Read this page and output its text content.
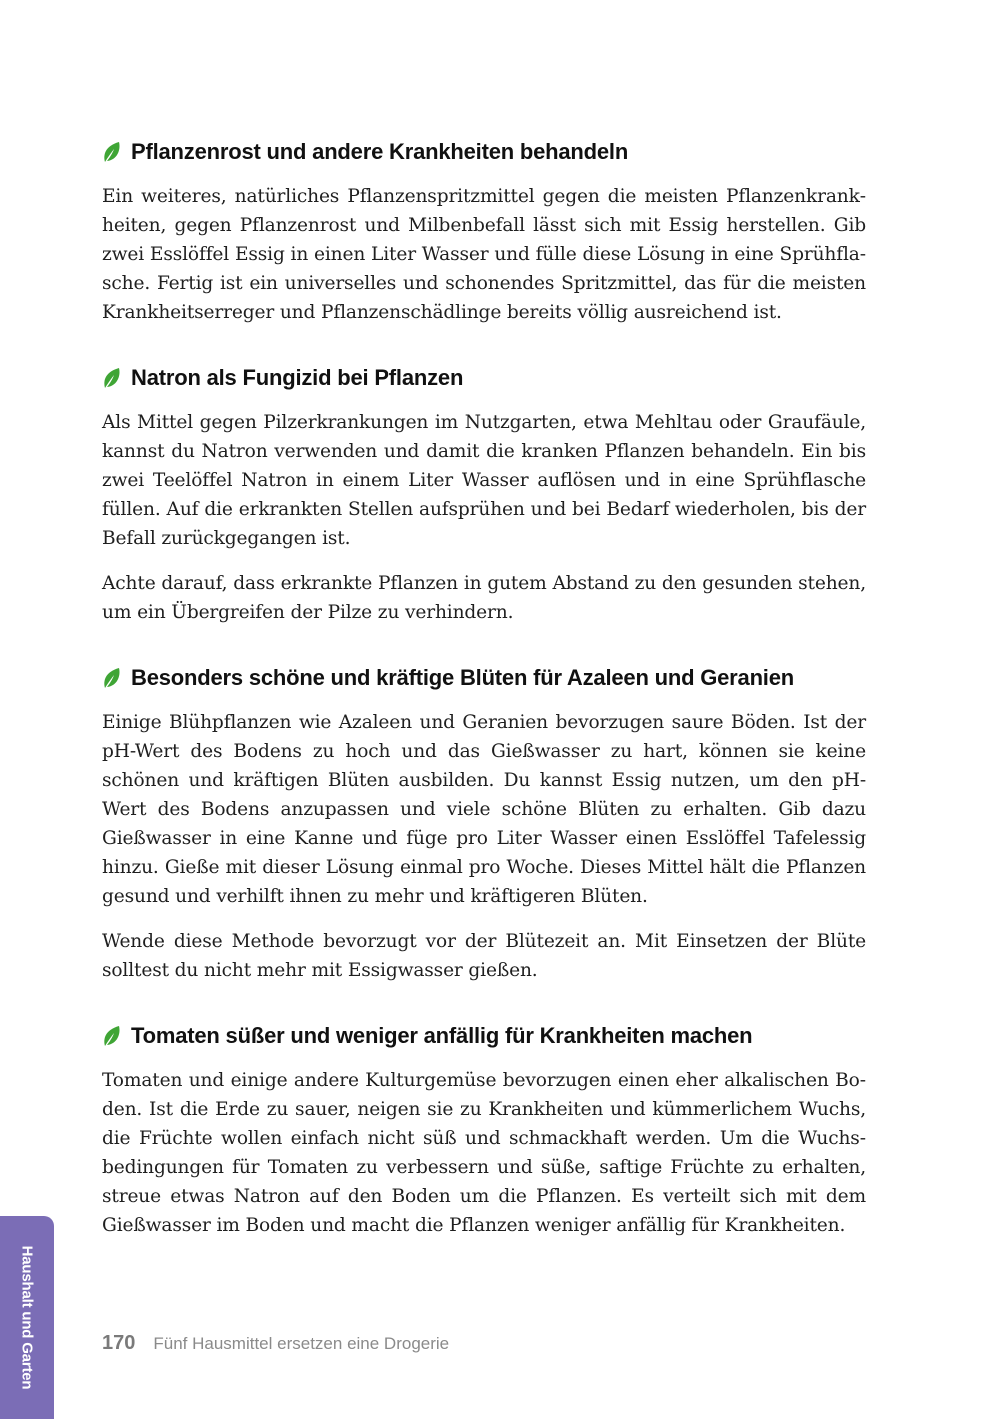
Pflanzenrost und andere Krankheiten behandeln

Ein weiteres, natürliches Pflanzenspritzmittel gegen die meisten Pflanzenkrankheiten, gegen Pflanzenrost und Milbenbefall lässt sich mit Essig herstellen. Gib zwei Esslöffel Essig in einen Liter Wasser und fülle diese Lösung in eine Sprühflasche. Fertig ist ein universelles und schonendes Spritzmittel, das für die meisten Krankheitserreger und Pflanzenschädlinge bereits völlig ausreichend ist.

Natron als Fungizid bei Pflanzen

Als Mittel gegen Pilzerkrankungen im Nutzgarten, etwa Mehltau oder Graufäule, kannst du Natron verwenden und damit die kranken Pflanzen behandeln. Ein bis zwei Teelöffel Natron in einem Liter Wasser auflösen und in eine Sprühflasche füllen. Auf die erkrankten Stellen aufsprühen und bei Bedarf wiederholen, bis der Befall zurückgegangen ist.

Achte darauf, dass erkrankte Pflanzen in gutem Abstand zu den gesunden stehen, um ein Übergreifen der Pilze zu verhindern.

Besonders schöne und kräftige Blüten für Azaleen und Geranien

Einige Blühpflanzen wie Azaleen und Geranien bevorzugen saure Böden. Ist der pH-Wert des Bodens zu hoch und das Gießwasser zu hart, können sie keine schönen und kräftigen Blüten ausbilden. Du kannst Essig nutzen, um den pH-Wert des Bodens anzupassen und viele schöne Blüten zu erhalten. Gib dazu Gießwasser in eine Kanne und füge pro Liter Wasser einen Esslöffel Tafelessig hinzu. Gieße mit dieser Lösung einmal pro Woche. Dieses Mittel hält die Pflanzen gesund und verhilft ihnen zu mehr und kräftigeren Blüten.

Wende diese Methode bevorzugt vor der Blütezeit an. Mit Einsetzen der Blüte solltest du nicht mehr mit Essigwasser gießen.

Tomaten süßer und weniger anfällig für Krankheiten machen

Tomaten und einige andere Kulturgemüse bevorzugen einen eher alkalischen Boden. Ist die Erde zu sauer, neigen sie zu Krankheiten und kümmerlichem Wuchs, die Früchte wollen einfach nicht süß und schmackhaft werden. Um die Wuchsbedingungen für Tomaten zu verbessern und süße, saftige Früchte zu erhalten, streue etwas Natron auf den Boden um die Pflanzen. Es verteilt sich mit dem Gießwasser im Boden und macht die Pflanzen weniger anfällig für Krankheiten.

Haushalt und Garten	170 Fünf Hausmittel ersetzen eine Drogerie
